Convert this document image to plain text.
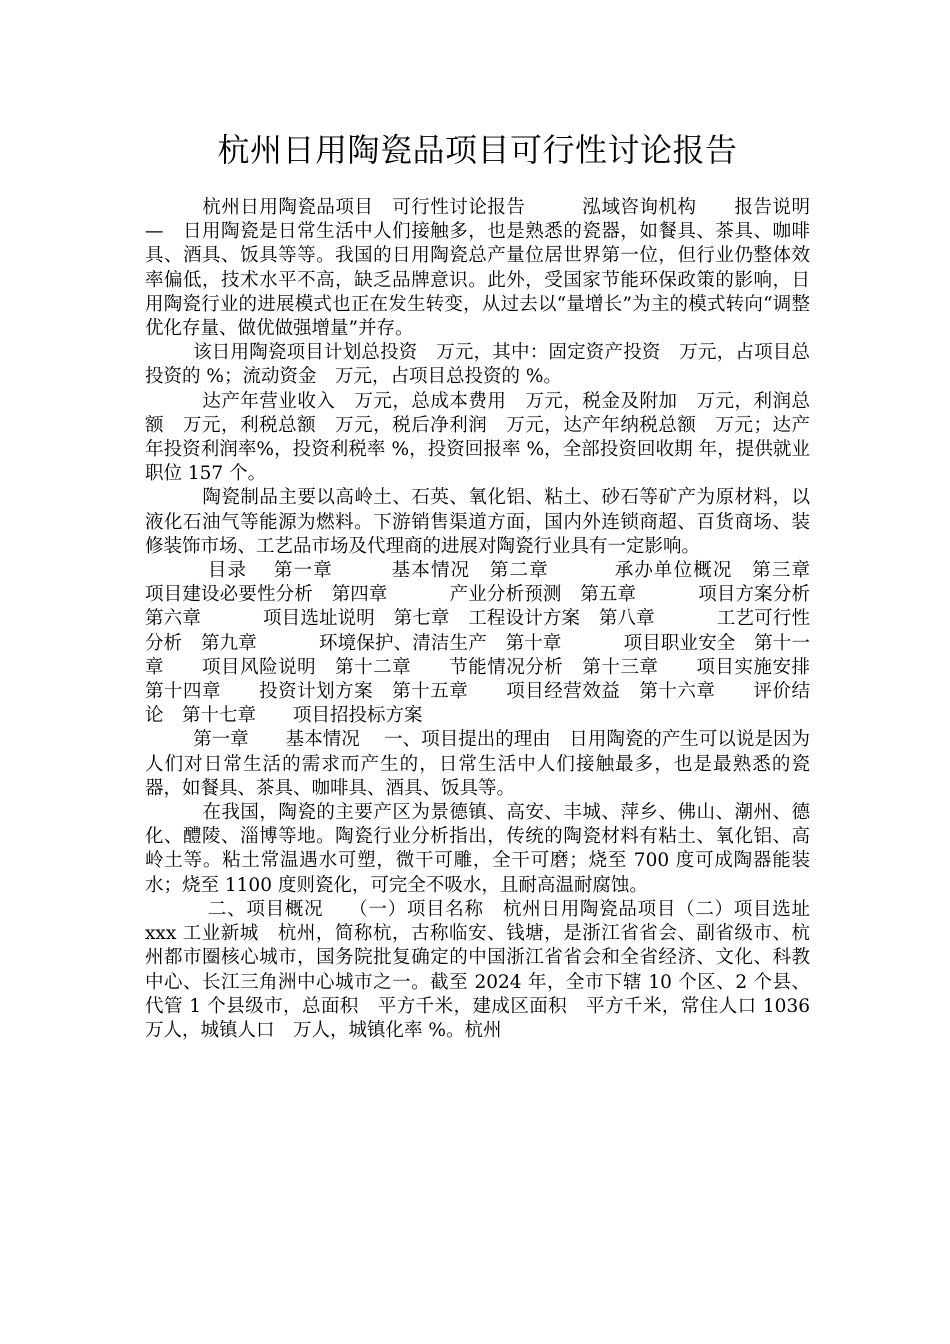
杭州日用陶瓷品项目可行性讨论报告

杭州日用陶瓷品项目　可行性讨论报告　　　泓域咨询机构　　报告说明—　日用陶瓷是日常生活中人们接触多，也是熟悉的瓷器，如餐具、茶具、咖啡具、酒具、饭具等等。我国的日用陶瓷总产量位居世界第一位，但行业仍整体效率偏低，技术水平不高，缺乏品牌意识。此外，受国家节能环保政策的影响，日用陶瓷行业的进展模式也正在发生转变，从过去以“量增长”为主的模式转向“调整优化存量、做优做强增量”并存。

该日用陶瓷项目计划总投资　万元，其中：固定资产投资　万元，占项目总投资的 %；流动资金　万元，占项目总投资的 %。

达产年营业收入　万元，总成本费用　万元，税金及附加　万元，利润总额　万元，利税总额　万元，税后净利润　万元，达产年纳税总额　万元；达产年投资利润率%，投资利税率 %，投资回报率 %，全部投资回收期 年，提供就业职位 157 个。

陶瓷制品主要以高岭土、石英、氧化铝、粘土、砂石等矿产为原材料，以液化石油气等能源为燃料。下游销售渠道方面，国内外连锁商超、百货商场、装修装饰市场、工艺品市场及代理商的进展对陶瓷行业具有一定影响。

目录　 第一章　　　基本情况　第二章　　　 承办单位概况　第三章　　　 项目建设必要性分析　第四章　　　 产业分析预测　第五章　　　 项目方案分析　第六章　　　 项目选址说明　第七章　工程设计方案　第八章　　　 工艺可行性分析　第九章　　　 环境保护、清洁生产　第十章　　　 项目职业安全　第十一章　　项目风险说明　第十二章　　节能情况分析　第十三章　　项目实施安排　第十四章　　投资计划方案　第十五章　　项目经营效益　第十六章　　评价结论　第十七章　　项目招投标方案

第一章　　基本情况　 一、项目提出的理由　日用陶瓷的产生可以说是因为人们对日常生活的需求而产生的，日常生活中人们接触最多，也是最熟悉的瓷器，如餐具、茶具、咖啡具、酒具、饭具等。

在我国，陶瓷的主要产区为景德镇、高安、丰城、萍乡、佛山、潮州、德化、醴陵、淄博等地。陶瓷行业分析指出，传统的陶瓷材料有粘土、氧化铝、高岭土等。粘土常温遇水可塑，微干可雕，全干可磨；烧至 700 度可成陶器能装水；烧至 1100 度则瓷化，可完全不吸水，且耐高温耐腐蚀。

二、项目概况　 （一）项目名称　杭州日用陶瓷品项目（二）项目选址　xxx 工业新城　杭州，简称杭，古称临安、钱塘，是浙江省省会、副省级市、杭州都市圈核心城市，国务院批复确定的中国浙江省省会和全省经济、文化、科教中心、长江三角洲中心城市之一。截至 2024 年，全市下辖 10 个区、2 个县、代管 1 个县级市，总面积　平方千米，建成区面积　平方千米，常住人口 1036 万人，城镇人口　万人，城镇化率 %。杭州
